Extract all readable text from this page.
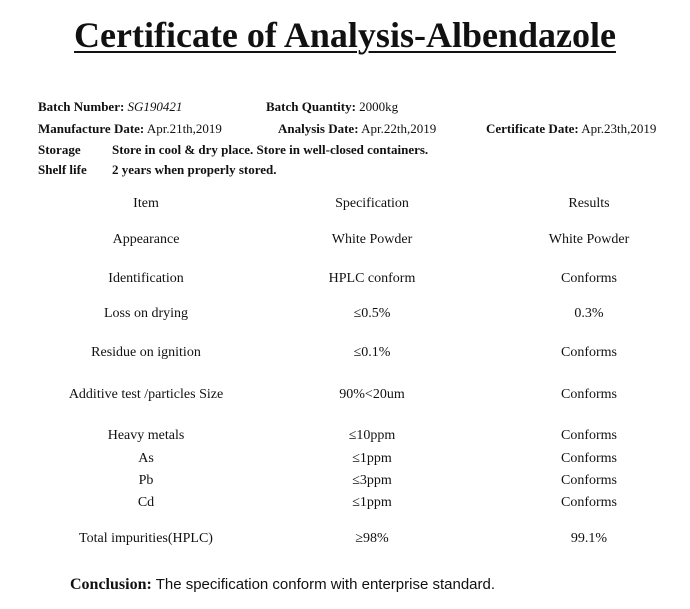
Certificate of Analysis-Albendazole
Batch Number: SG190421	Batch Quantity: 2000kg
Manufacture Date: Apr.21th,2019	Analysis Date: Apr.22th,2019	Certificate Date: Apr.23th,2019
Storage Store in cool & dry place. Store in well-closed containers.
Shelf life 2 years when properly stored.
Item	Specification	Results
Appearance	White Powder	White Powder
Identification	HPLC conform	Conforms
Loss on drying	≤0.5%	0.3%
Residue on ignition	≤0.1%	Conforms
Additive test /particles Size	90%<20um	Conforms
Heavy metals	≤10ppm	Conforms
As	≤1ppm	Conforms
Pb	≤3ppm	Conforms
Cd	≤1ppm	Conforms
Total impurities(HPLC)	≥98%	99.1%
Conclusion: The specification conform with enterprise standard.
